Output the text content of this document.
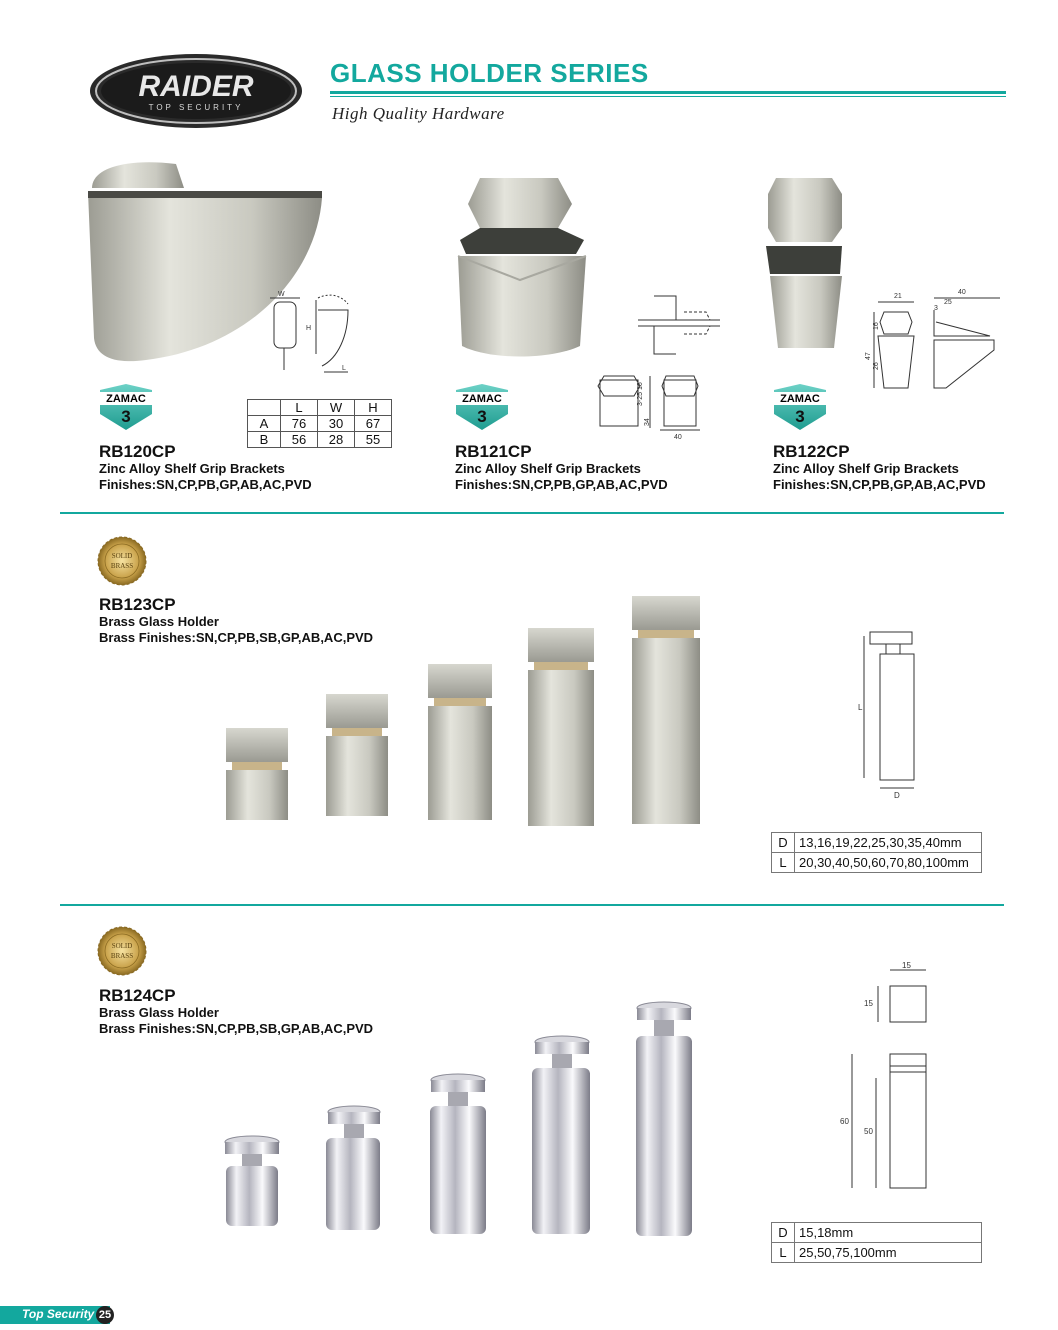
RAIDER
TOP SECURITY
GLASS HOLDER SERIES
High Quality Hardware
W
H
L
ZAMAC
3
		L	W	H
A	76	30	67
B	56	28	55
RB120CP
Zinc Alloy Shelf Grip Brackets
Finishes:SN,CP,PB,GP,AB,AC,PVD
3-25
16
34
40
ZAMAC
3
RB121CP
Zinc Alloy Shelf Grip Brackets
Finishes:SN,CP,PB,GP,AB,AC,PVD
21
40
25
3
16
47
26
ZAMAC
3
RB122CP
Zinc Alloy Shelf Grip Brackets
Finishes:SN,CP,PB,GP,AB,AC,PVD
SOLID
BRASS
RB123CP
Brass Glass Holder
Brass Finishes:SN,CP,PB,SB,GP,AB,AC,PVD
L
D
D	13,16,19,22,25,30,35,40mm
L	20,30,40,50,60,70,80,100mm
SOLID
BRASS
RB124CP
Brass Glass Holder
Brass Finishes:SN,CP,PB,SB,GP,AB,AC,PVD
15
15
60
50
D	15,18mm
L	25,50,75,100mm
Top Security 25
